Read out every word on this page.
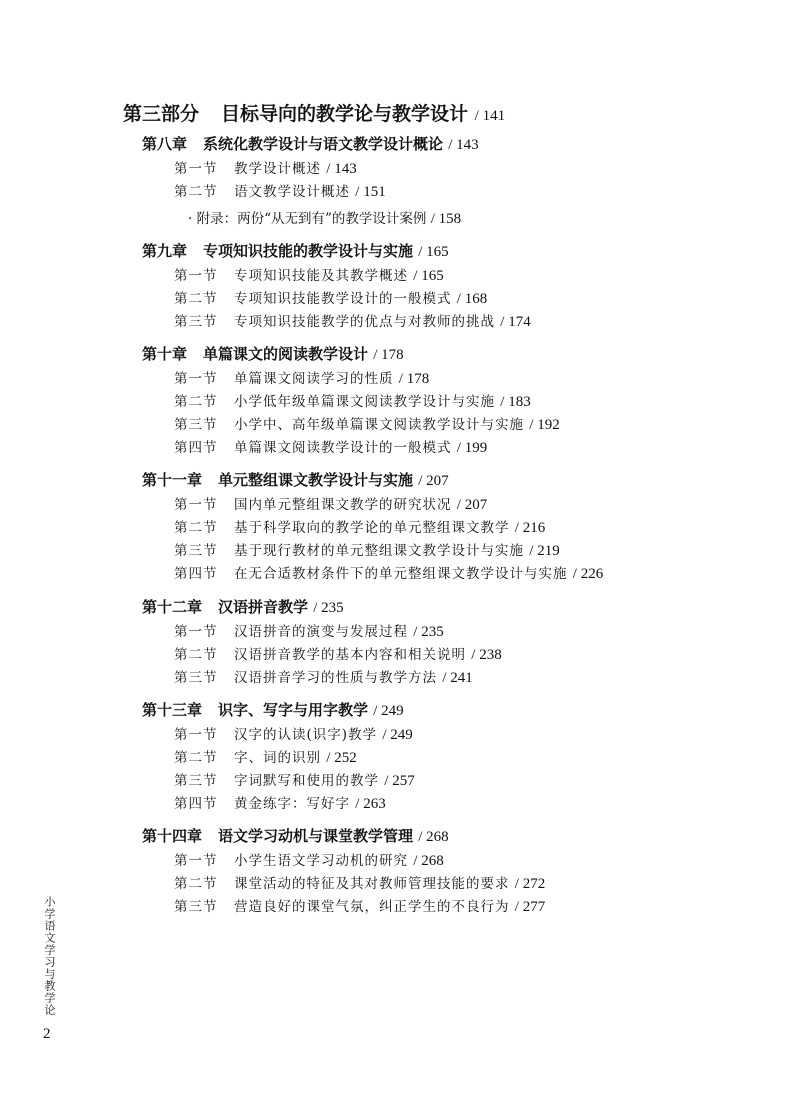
第三部分 目标导向的教学论与教学设计 / 141
第八章 系统化教学设计与语文教学设计概论 / 143
第一节 教学设计概述 / 143
第二节 语文教学设计概述 / 151
· 附录：两份“从无到有”的教学设计案例 / 158
第九章 专项知识技能的教学设计与实施 / 165
第一节 专项知识技能及其教学概述 / 165
第二节 专项知识技能教学设计的一般模式 / 168
第三节 专项知识技能教学的优点与对教师的挑战 / 174
第十章 单篇课文的阅读教学设计 / 178
第一节 单篇课文阅读学习的性质 / 178
第二节 小学低年级单篇课文阅读教学设计与实施 / 183
第三节 小学中、高年级单篇课文阅读教学设计与实施 / 192
第四节 单篇课文阅读教学设计的一般模式 / 199
第十一章 单元整组课文教学设计与实施 / 207
第一节 国内单元整组课文教学的研究状况 / 207
第二节 基于科学取向的教学论的单元整组课文教学 / 216
第三节 基于现行教材的单元整组课文教学设计与实施 / 219
第四节 在无合适教材条件下的单元整组课文教学设计与实施 / 226
第十二章 汉语拼音教学 / 235
第一节 汉语拼音的演变与发展过程 / 235
第二节 汉语拼音教学的基本内容和相关说明 / 238
第三节 汉语拼音学习的性质与教学方法 / 241
第十三章 识字、写字与用字教学 / 249
第一节 汉字的认读(识字)教学 / 249
第二节 字、词的识别 / 252
第三节 字词默写和使用的教学 / 257
第四节 黄金练字：写好字 / 263
第十四章 语文学习动机与课堂教学管理 / 268
第一节 小学生语文学习动机的研究 / 268
第二节 课堂活动的特征及其对教师管理技能的要求 / 272
第三节 营造良好的课堂气氛，纠正学生的不良行为 / 277
小学语文学习与教学论
2
